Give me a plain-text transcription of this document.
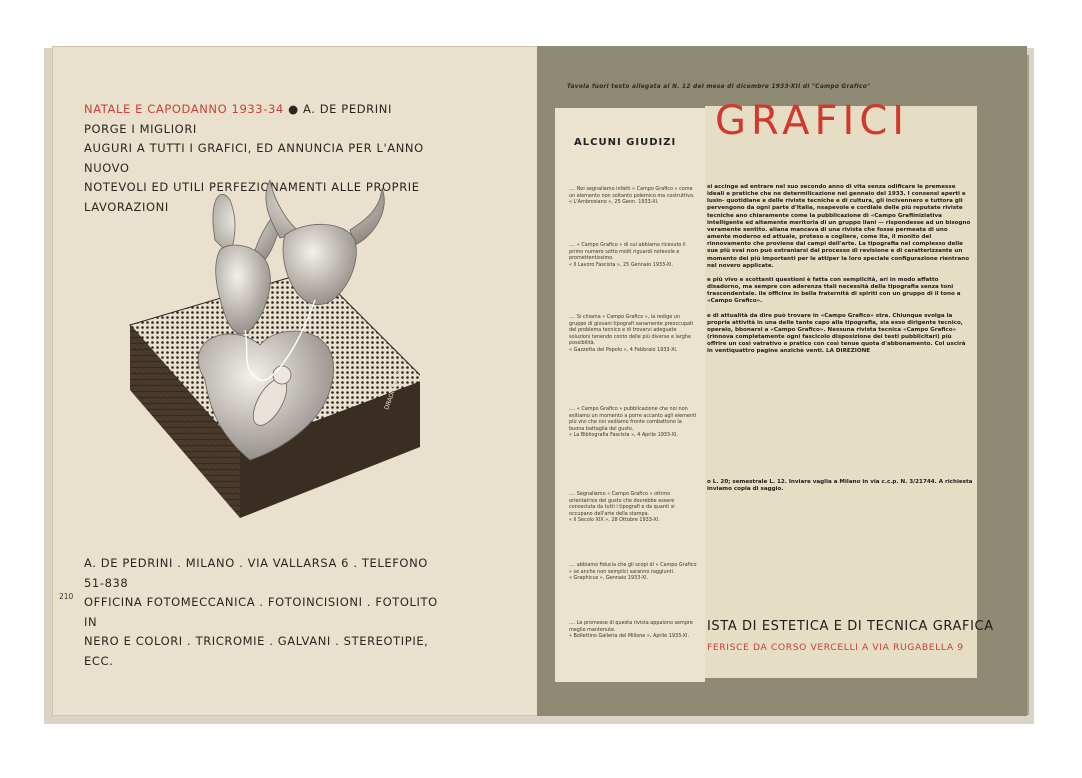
NATALE E CAPODANNO 1933-34 ● A. DE PEDRINI PORGE I MIGLIORI
AUGURI A TUTTI I GRAFICI, ED ANNUNCIA PER L'ANNO NUOVO
NOTEVOLI ED UTILI PERFEZIONAMENTI ALLE PROPRIE LAVORAZIONI
DRADI ROSSI
A. DE PEDRINI . MILANO . VIA VALLARSA 6 . TELEFONO 51-838
OFFICINA FOTOMECCANICA . FOTOINCISIONI . FOTOLITO IN
NERO E COLORI . TRICROMIE . GALVANI . STEREOTIPIE, ECC.
210
Tavola fuori testo allegata al N. 12 del mese di dicembre 1933-XII di "Campo Grafico"
GRAFICI
ALCUNI GIUDIZI
.... Noi segnaliamo infatti « Campo Grafico » come un elemento non soltanto polemico ma costruttivo.
« L'Ambrosiano », 25 Genn. 1933-XI.
.... « Campo Grafico » di cui abbiamo ricevuto il primo numero sotto molti riguardi notevole e promettentissimo.
« Il Lavoro Fascista », 25 Gennaio 1933-XI.
.... Si chiama « Campo Grafico », la redige un gruppo di giovani tipografi sanamente preoccupati del problema tecnico e di trovarvi adeguate soluzioni tenendo conto delle più diverse e larghe possibilità.
« Gazzetta del Popolo », 4 Febbraio 1933-XI.
.... « Campo Grafico » pubblicazione che noi non esitiamo un momento a porre accanto agli elementi più vivi che noi vediamo fronte combattono la buona battaglia del gusto.
« La Bibliografia Fascista », 4 Aprile 1933-XI.
.... Segnaliamo « Campo Grafico » ottimo orientatrice del gusto che dovrebbe essere conosciuta da tutti i tipografi e da quanti si occupano dell'arte della stampa.
« Il Secolo XIX », 28 Ottobre 1933-XI.
.... abbiamo fiducia che gli scopi di « Campo Grafico » se anche non semplici saranno raggiunti.
« Graphicus », Gennaio 1933-XI.
.... Le promesse di questa rivista appaiono sempre meglio mantenute.
« Bollettino Galleria del Milione », Aprile 1933-XI.

si accinge ad entrare nel suo secondo anno di vita senza odificare le premesse ideali e pratiche che ne determilicazione nel gennaio del 1933. I consensi aperti e lusin- quotidiane e delle riviste tecniche e di cultura, gli incivennero e tuttora gli pervengono da ogni parte d'Italia, nsapevole e cordiale delle più reputate riviste tecniche ano chiaramente come la pubblicazione di «Campo Grafiiniziativa intelligente ed altamente meritoria di un gruppo liani — rispondesse ad un bisogno veramente sentito. aliana mancava di una rivista che fosse permeata di uno amente moderno ed attuale, proteso a cogliere, come ita, il monito del rinnovamento che proviene dai campi dell'arte. La tipografia nel complesso delle sue più svai non può estraniarsi dal processo di revisione e di caratterizzante un momento dei più importanti per le attiper la loro speciale configurazione rientrano nel novero applicate.

e più vivo e scottanti questioni è fatta con semplicità, ari in modo affatto disadorno, ma sempre con aderenza ttali necessità della tipografia senza toni trascendentale. ile officine in bella fraternità di spiriti con un gruppo di il tono a «Campo Grafico».

e di attualità da dire può trovare in «Campo Grafico» stra. Chiunque svolga la propria attività in una delle tante capo alla tipografia, sia esso dirigente tecnico, operaio, bbonarsi a «Campo Grafico». Nessuna rivista tecnica «Campo Grafico» (rinnova completamente ogni fascicolo disposizione dei testi pubblicitari) più offrire un così vatrativo e pratico con così tenue quota d'abbonamento. Col uscirà in ventiquattro pagine anzichè venti. LA DIREZIONE

o L. 20; semestrale L. 12. Inviare vaglia a Milano in via c.c.p. N. 3/21744. A richiesta inviamo copia di saggio.
ISTA DI ESTETICA E DI TECNICA GRAFICA
FERISCE DA CORSO VERCELLI A VIA RUGABELLA 9
